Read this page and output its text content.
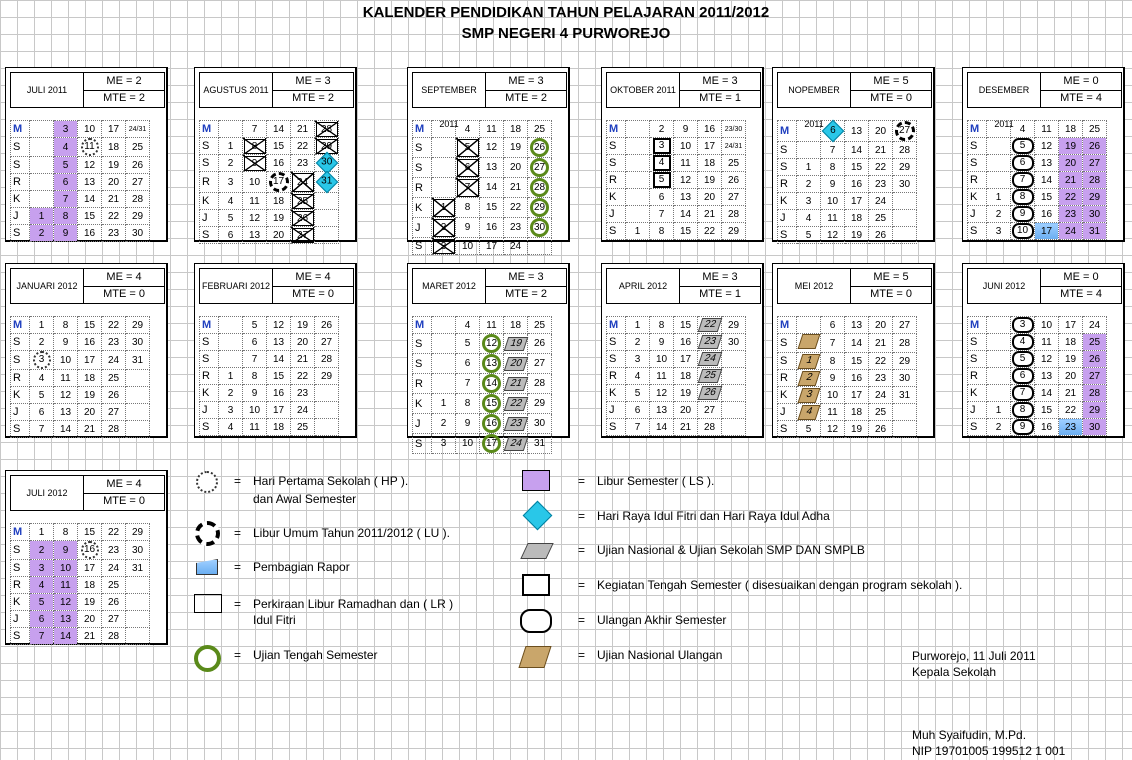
KALENDER PENDIDIKAN TAHUN PELAJARAN 2011/2012
SMP NEGERI 4 PURWOREJO
JULI 2011
ME = 2
MTE = 2
M		3	10	17	24/31
S		4	11	18	25
S		5	12	19	26
R		6	13	20	27
K		7	14	21	28
J	1	8	15	22	29
S	2	9	16	23	30
AGUSTUS 2011
ME = 3
MTE = 2
M		7	14	21	28
S	1	8	15	22	29
S	2	9	16	23	30
R	3	10	17	24	31
K	4	11	18	25	
J	5	12	19	26	
S	6	13	20	27	
SEPTEMBER 2011
ME = 3
MTE = 2
M		4	11	18	25
S		5	12	19	26
S		6	13	20	27
R		7	14	21	28
K	1	8	15	22	29
J	2	9	16	23	30
S	3	10	17	24	
OKTOBER 2011
ME = 3
MTE = 1
M		2	9	16	23/30
S		3	10	17	24/31
S		4	11	18	25
R		5	12	19	26
K		6	13	20	27
J		7	14	21	28
S	1	8	15	22	29
NOPEMBER 2011
ME = 5
MTE = 0
M		6	13	20	27
S		7	14	21	28
S	1	8	15	22	29
R	2	9	16	23	30
K	3	10	17	24	
J	4	11	18	25	
S	5	12	19	26	
DESEMBER 2011
ME = 0
MTE = 4
M		4	11	18	25
S		5	12	19	26
S		6	13	20	27
R		7	14	21	28
K	1	8	15	22	29
J	2	9	16	23	30
S	3	10	17	24	31
JANUARI 2012
ME = 4
MTE = 0
M	1	8	15	22	29
S	2	9	16	23	30
S	3	10	17	24	31
R	4	11	18	25	
K	5	12	19	26	
J	6	13	20	27	
S	7	14	21	28	
FEBRUARI 2012
ME = 4
MTE = 0
M		5	12	19	26
S		6	13	20	27
S		7	14	21	28
R	1	8	15	22	29
K	2	9	16	23	
J	3	10	17	24	
S	4	11	18	25	
MARET 2012
ME = 3
MTE = 2
M		4	11	18	25
S		5	12	19	26
S		6	13	20	27
R		7	14	21	28
K	1	8	15	22	29
J	2	9	16	23	30
S	3	10	17	24	31
APRIL 2012
ME = 3
MTE = 1
M	1	8	15	22	29
S	2	9	16	23	30
S	3	10	17	24	
R	4	11	18	25	
K	5	12	19	26	
J	6	13	20	27	
S	7	14	21	28	
MEI 2012
ME = 5
MTE = 0
M		6	13	20	27
S		7	14	21	28
S	1	8	15	22	29
R	2	9	16	23	30
K	3	10	17	24	31
J	4	11	18	25	
S	5	12	19	26	
JUNI 2012
ME = 0
MTE = 4
M		3	10	17	24
S		4	11	18	25
S		5	12	19	26
R		6	13	20	27
K		7	14	21	28
J	1	8	15	22	29
S	2	9	16	23	30
JULI 2012
ME = 4
MTE = 0
M	1	8	15	22	29
S	2	9	16	23	30
S	3	10	17	24	31
R	4	11	18	25	
K	5	12	19	26	
J	6	13	20	27	
S	7	14	21	28	
= Hari Pertama Sekolah ( HP ).
dan Awal Semester
= Libur Umum Tahun 2011/2012 ( LU ).
= Pembagian Rapor
= Perkiraan Libur Ramadhan dan ( LR )
Idul Fitri
= Ujian Tengah Semester
= Libur Semester ( LS ).
= Hari Raya Idul Fitri dan Hari Raya Idul Adha
= Ujian Nasional & Ujian Sekolah SMP DAN SMPLB
= Kegiatan Tengah Semester ( disesuaikan dengan program sekolah ).
= Ulangan Akhir Semester
= Ujian Nasional Ulangan	Purworejo, 11 Juli 2011
Kepala Sekolah
Muh Syaifudin, M.Pd.
NIP 19701005 199512 1 001
